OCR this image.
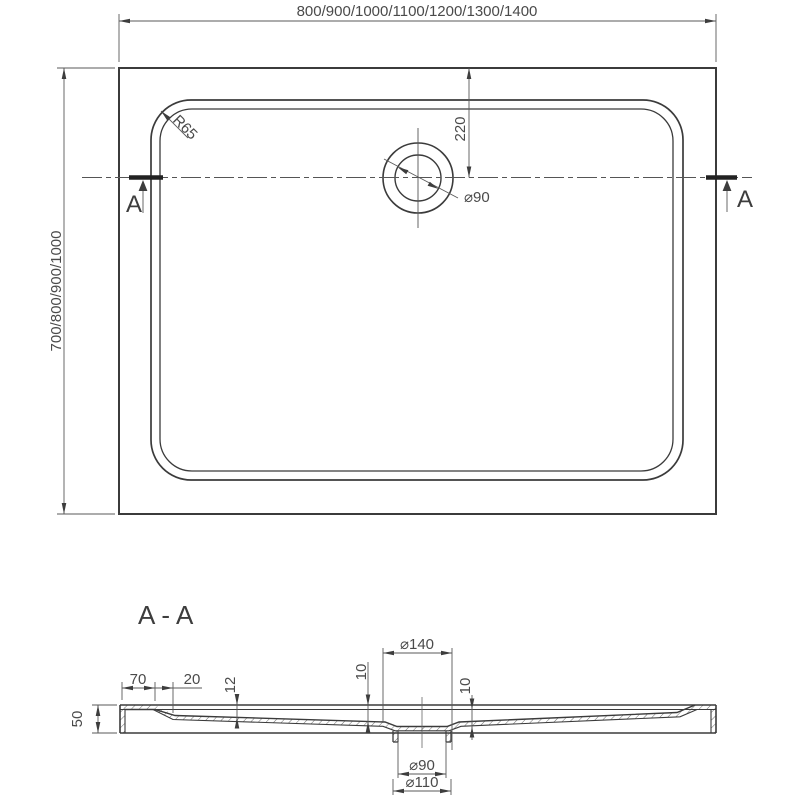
A	A
800/900/1000/1100/1200/1300/1400
700/800/900/1000
220
⌀90
R65
A-A
70 20 12
10
10
50
⌀140
⌀90
⌀110
